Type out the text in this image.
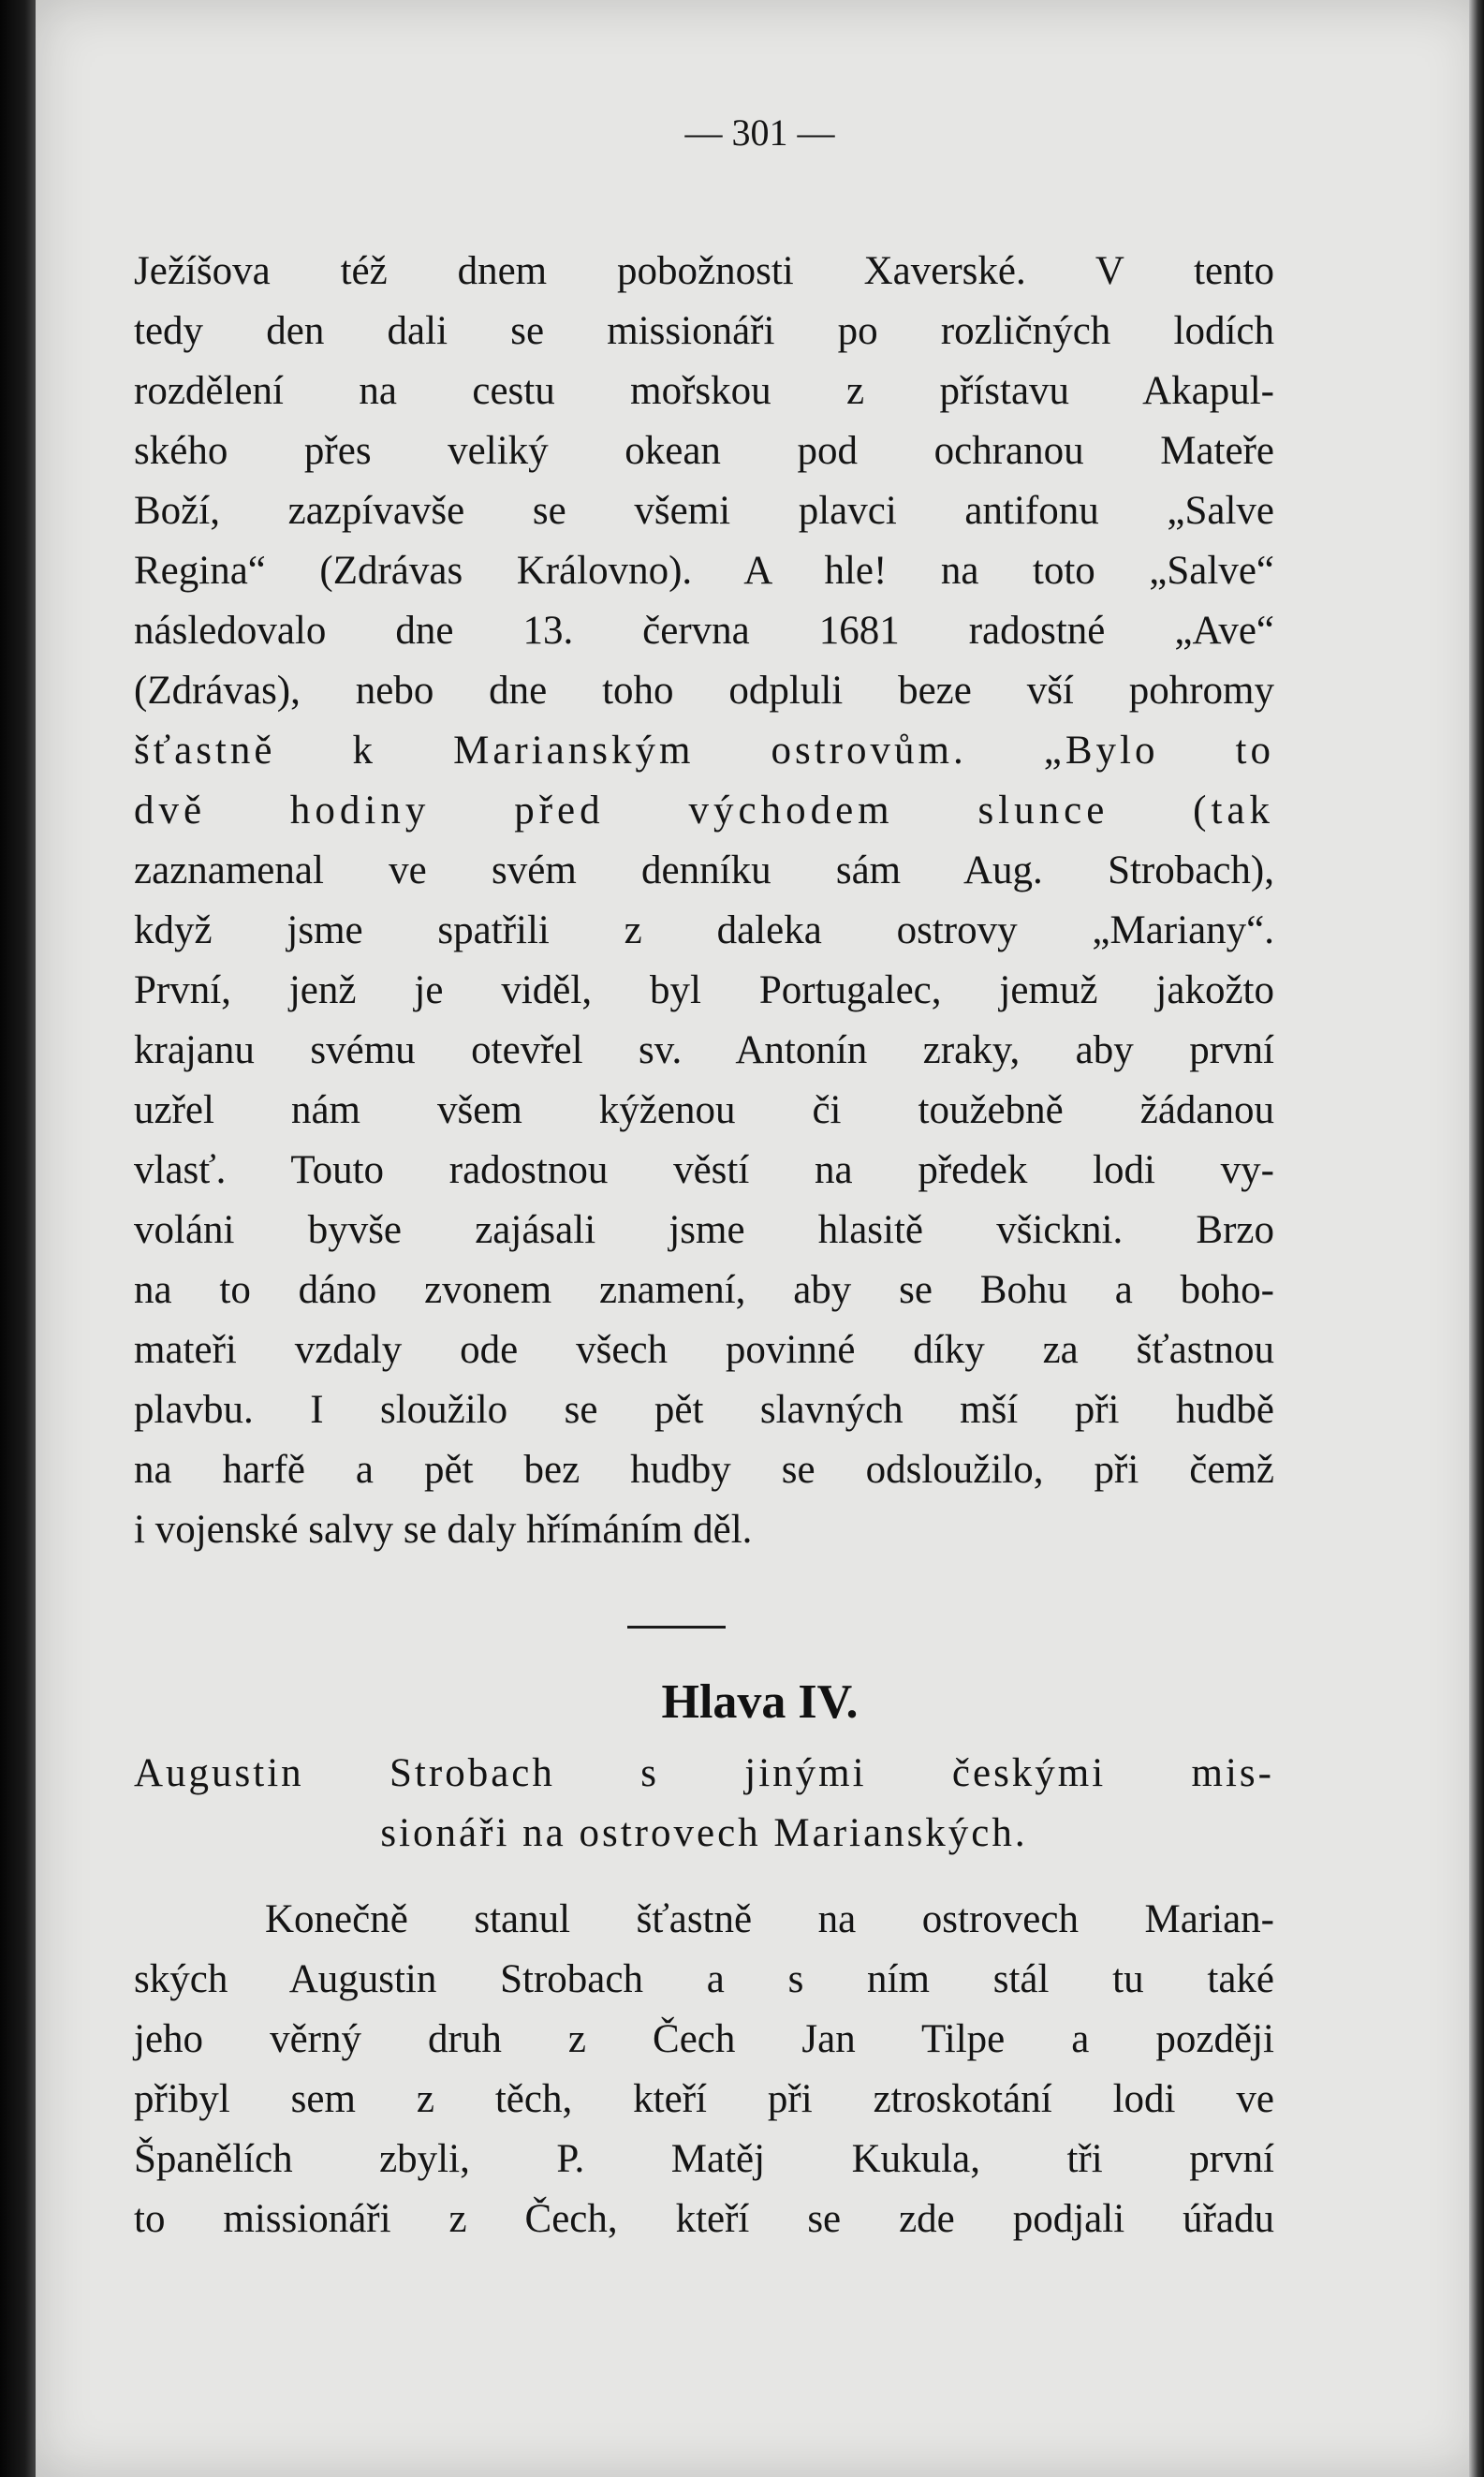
— 301 —

Ježíšova též dnem pobožnosti Xaverské. V tento

tedy den dali se missionáři po rozličných lodích

rozdělení na cestu mořskou z přístavu Akapul-

ského přes veliký okean pod ochranou Mateře

Boží, zazpívavše se všemi plavci antifonu „Salve

Regina“ (Zdrávas Královno). A hle! na toto „Salve“

následovalo dne 13. června 1681 radostné „Ave“

(Zdrávas), nebo dne toho odpluli beze vší pohromy

šťastně k Marianským ostrovům. „Bylo to

dvě hodiny před východem slunce (tak

zaznamenal ve svém denníku sám Aug. Strobach),

když jsme spatřili z daleka ostrovy „Mariany“.

První, jenž je viděl, byl Portugalec, jemuž jakožto

krajanu svému otevřel sv. Antonín zraky, aby první

uzřel nám všem kýženou či toužebně žádanou

vlasť. Touto radostnou věstí na předek lodi vy-

voláni byvše zajásali jsme hlasitě všickni. Brzo

na to dáno zvonem znamení, aby se Bohu a boho-

mateři vzdaly ode všech povinné díky za šťastnou

plavbu. I sloužilo se pět slavných mší při hudbě

na harfě a pět bez hudby se odsloužilo, při čemž

i vojenské salvy se daly hřímáním děl.

Hlava IV.

Augustin Strobach s jinými českými mis-

sionáři na ostrovech Marianských.

Konečně stanul šťastně na ostrovech Marian-

ských Augustin Strobach a s ním stál tu také

jeho věrný druh z Čech Jan Tilpe a později

přibyl sem z těch, kteří při ztroskotání lodi ve

Španělích zbyli, P. Matěj Kukula, tři první

to missionáři z Čech, kteří se zde podjali úřadu
